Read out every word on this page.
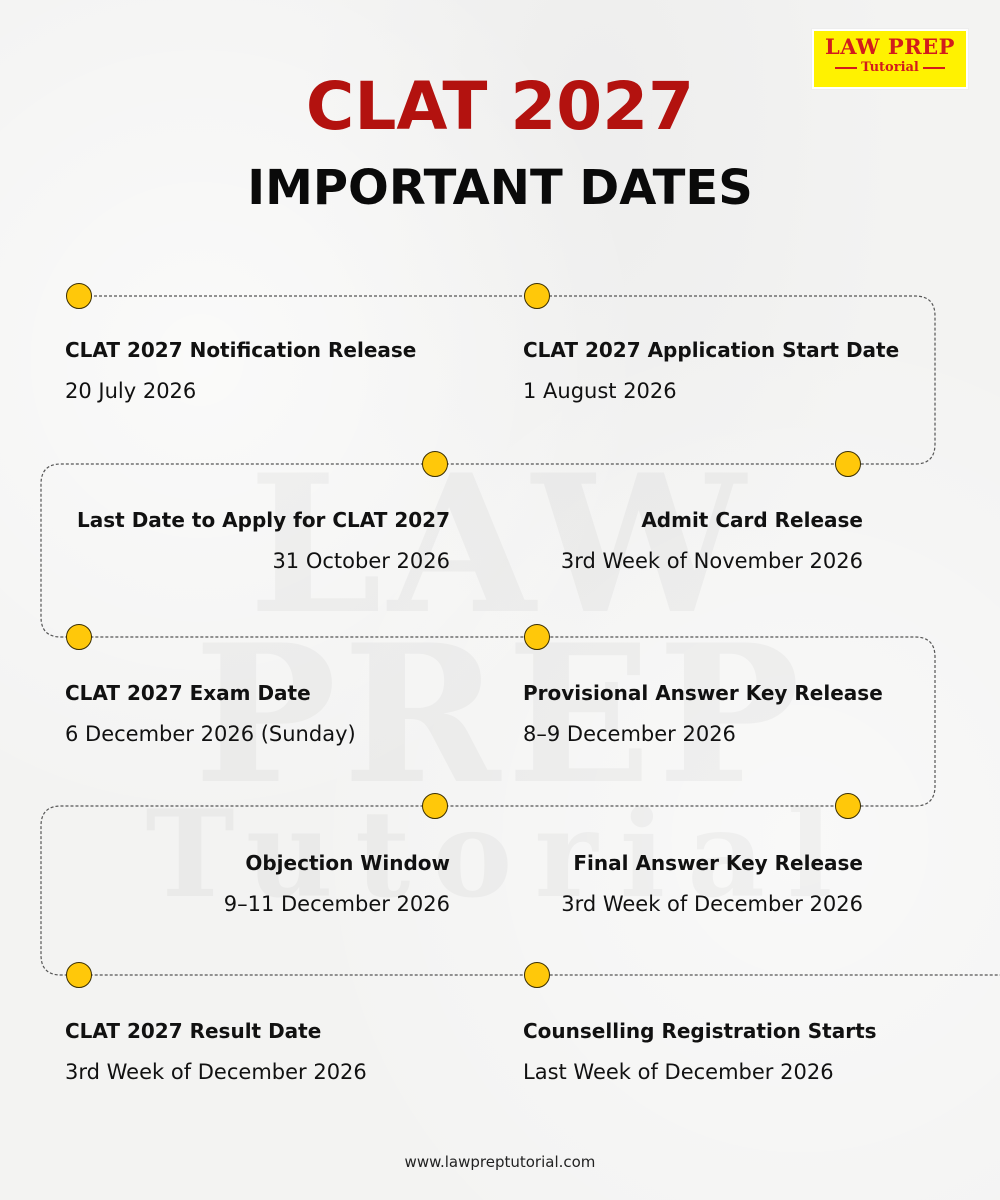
LAW PREP
Tutorial
CLAT 2027
IMPORTANT DATES
CLAT 2027 Notification Release
20 July 2026
CLAT 2027 Application Start Date
1 August 2026
Last Date to Apply for CLAT 2027
31 October 2026
Admit Card Release
3rd Week of November 2026
CLAT 2027 Exam Date
6 December 2026 (Sunday)
Provisional Answer Key Release
8–9 December 2026
Objection Window
9–11 December 2026
Final Answer Key Release
3rd Week of December 2026
CLAT 2027 Result Date
3rd Week of December 2026
Counselling Registration Starts
Last Week of December 2026
www.lawpreptutorial.com
